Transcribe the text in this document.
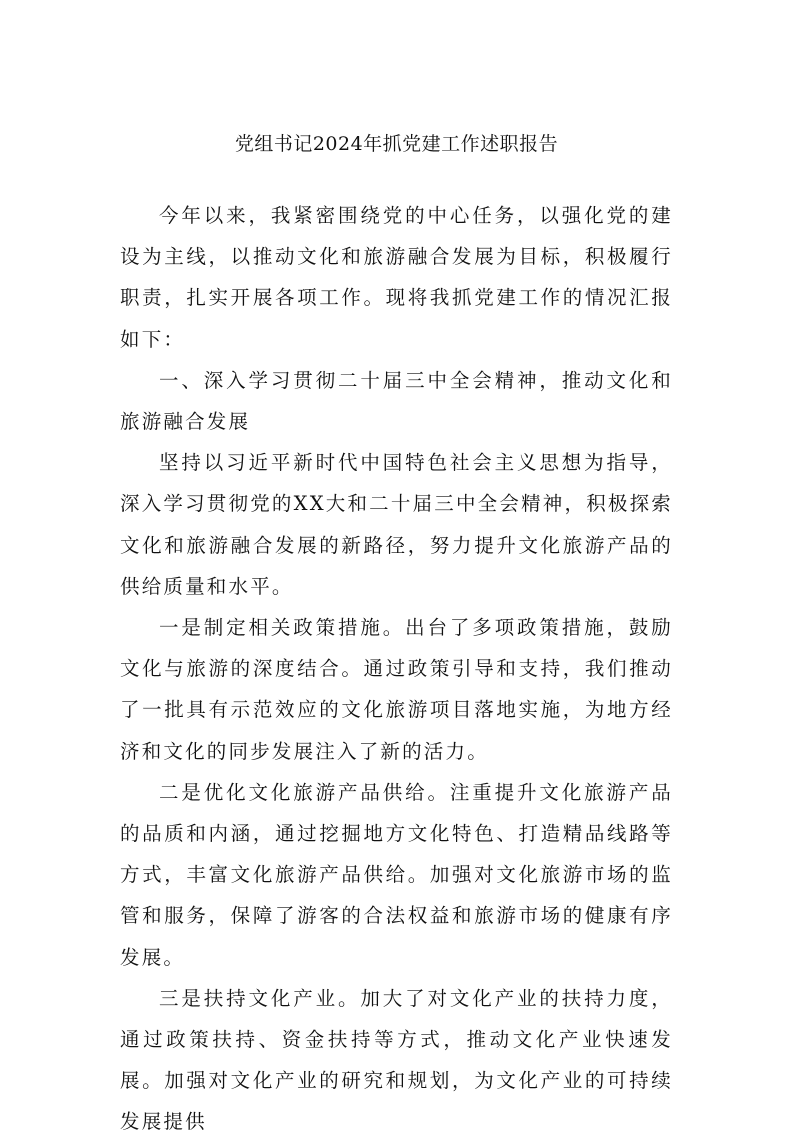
党组书记2024年抓党建工作述职报告

今年以来，我紧密围绕党的中心任务，以强化党的建设为主线，以推动文化和旅游融合发展为目标，积极履行职责，扎实开展各项工作。现将我抓党建工作的情况汇报如下：

一、深入学习贯彻二十届三中全会精神，推动文化和旅游融合发展

坚持以习近平新时代中国特色社会主义思想为指导，深入学习贯彻党的XX大和二十届三中全会精神，积极探索文化和旅游融合发展的新路径，努力提升文化旅游产品的供给质量和水平。

一是制定相关政策措施。出台了多项政策措施，鼓励文化与旅游的深度结合。通过政策引导和支持，我们推动了一批具有示范效应的文化旅游项目落地实施，为地方经济和文化的同步发展注入了新的活力。

二是优化文化旅游产品供给。注重提升文化旅游产品的品质和内涵，通过挖掘地方文化特色、打造精品线路等方式，丰富文化旅游产品供给。加强对文化旅游市场的监管和服务，保障了游客的合法权益和旅游市场的健康有序发展。

三是扶持文化产业。加大了对文化产业的扶持力度，通过政策扶持、资金扶持等方式，推动文化产业快速发展。加强对文化产业的研究和规划，为文化产业的可持续发展提供
